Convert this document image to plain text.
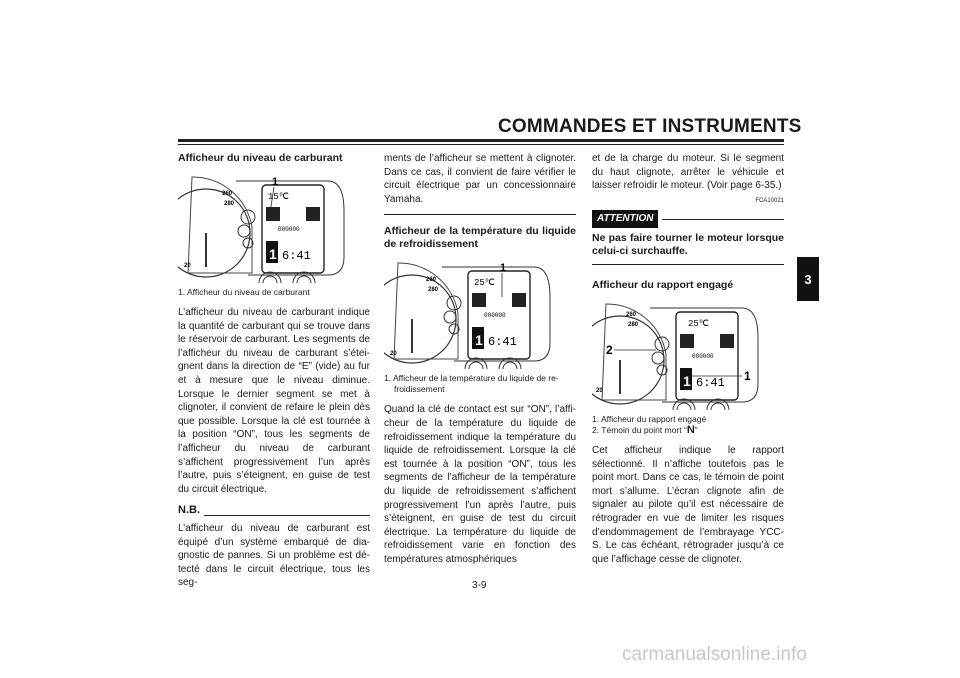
COMMANDES ET INSTRUMENTS
3
Afficheur du niveau de carburant
260
280
20
15℃
000000
1 6:41
1
1. Afficheur du niveau de carburant

L’afficheur du niveau de carburant indique la quantité de carburant qui se trouve dans le réservoir de carburant. Les segments de l’afficheur du niveau de carburant s’éteignent dans la direction de “E” (vide) au fur et à mesure que le niveau diminue. Lorsque le dernier segment se met à clignoter, il convient de refaire le plein dès que possible. Lorsque la clé est tournée à la position “ON”, tous les segments de l’afficheur du niveau de carburant s’affichent progressivement l’un après l’autre, puis s’éteignent, en guise de test du circuit électrique.

N.B.

L’afficheur du niveau de carburant est équipé d’un système embarqué de diagnostic de pannes. Si un problème est détecté dans le circuit électrique, tous les seg-

ments de l’afficheur se mettent à clignoter. Dans ce cas, il convient de faire vérifier le circuit électrique par un concessionnaire Yamaha.

Afficheur de la température du liquide de refroidissement
260
280
20
25℃
000000
1 6:41
1
1. Afficheur de la température du liquide de re-
froidissement

Quand la clé de contact est sur “ON”, l’afficheur de la température du liquide de refroidissement indique la température du liquide de refroidissement. Lorsque la clé est tournée à la position “ON”, tous les segments de l’afficheur de la température du liquide de refroidissement s’affichent progressivement l’un après l’autre, puis s’éteignent, en guise de test du circuit électrique. La température du liquide de refroidissement varie en fonction des températures atmosphériques

et de la charge du moteur. Si le segment du haut clignote, arrêter le véhicule et laisser refroidir le moteur. (Voir page 6-35.)

FCA10021
ATTENTION
Ne pas faire tourner le moteur lorsque celui-ci surchauffe.
Afficheur du rapport engagé
260
280
20
25℃
000000
1 6:41
2
1
1. Afficheur du rapport engagé
2. Témoin du point mort “N”

Cet afficheur indique le rapport sélectionné. Il n’affiche toutefois pas le point mort. Dans ce cas, le témoin de point mort s’allume. L’écran clignote afin de signaler au pilote qu’il est nécessaire de rétrograder en vue de limiter les risques d’endommagement de l’embrayage YCC-S. Le cas échéant, rétrograder jusqu’à ce que l’affichage cesse de clignoter.

3-9
carmanualsonline.info
